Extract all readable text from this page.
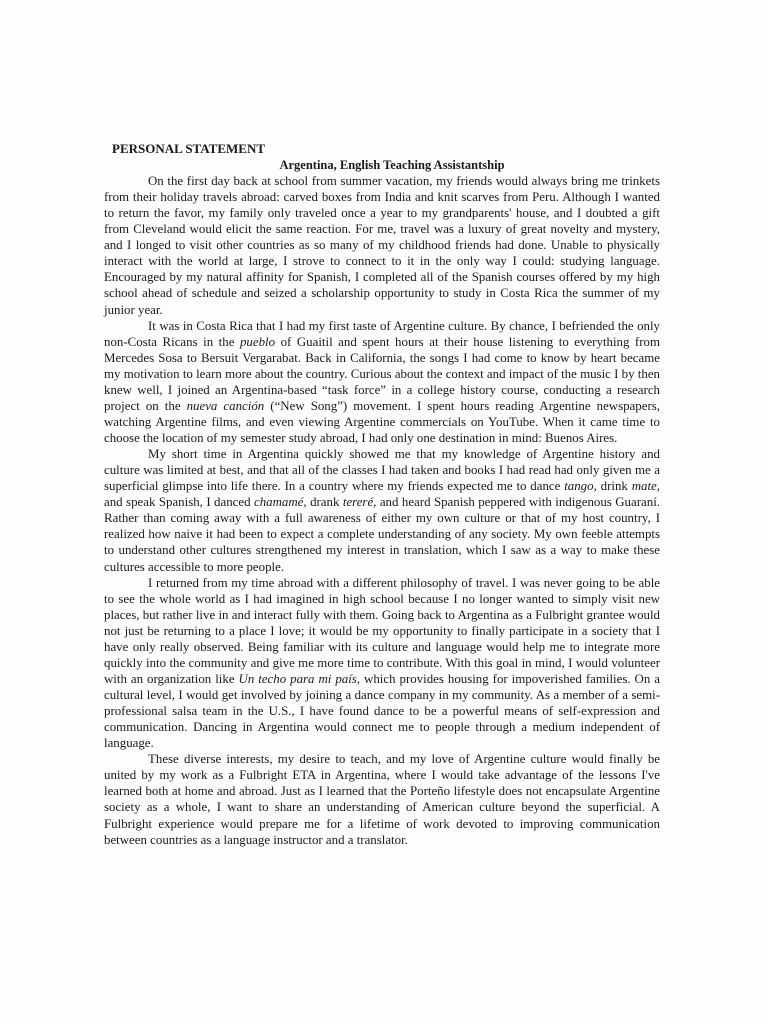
PERSONAL STATEMENT

Argentina, English Teaching Assistantship

On the first day back at school from summer vacation, my friends would always bring me trinkets from their holiday travels abroad: carved boxes from India and knit scarves from Peru. Although I wanted to return the favor, my family only traveled once a year to my grandparents' house, and I doubted a gift from Cleveland would elicit the same reaction. For me, travel was a luxury of great novelty and mystery, and I longed to visit other countries as so many of my childhood friends had done. Unable to physically interact with the world at large, I strove to connect to it in the only way I could: studying language. Encouraged by my natural affinity for Spanish, I completed all of the Spanish courses offered by my high school ahead of schedule and seized a scholarship opportunity to study in Costa Rica the summer of my junior year.

It was in Costa Rica that I had my first taste of Argentine culture. By chance, I befriended the only non-Costa Ricans in the pueblo of Guaitil and spent hours at their house listening to everything from Mercedes Sosa to Bersuit Vergarabat. Back in California, the songs I had come to know by heart became my motivation to learn more about the country. Curious about the context and impact of the music I by then knew well, I joined an Argentina-based “task force” in a college history course, conducting a research project on the nueva canción (“New Song”) movement. I spent hours reading Argentine newspapers, watching Argentine films, and even viewing Argentine commercials on YouTube. When it came time to choose the location of my semester study abroad, I had only one destination in mind: Buenos Aires.

My short time in Argentina quickly showed me that my knowledge of Argentine history and culture was limited at best, and that all of the classes I had taken and books I had read had only given me a superficial glimpse into life there. In a country where my friends expected me to dance tango, drink mate, and speak Spanish, I danced chamamé, drank tereré, and heard Spanish peppered with indigenous Guaraní. Rather than coming away with a full awareness of either my own culture or that of my host country, I realized how naive it had been to expect a complete understanding of any society. My own feeble attempts to understand other cultures strengthened my interest in translation, which I saw as a way to make these cultures accessible to more people.

I returned from my time abroad with a different philosophy of travel. I was never going to be able to see the whole world as I had imagined in high school because I no longer wanted to simply visit new places, but rather live in and interact fully with them. Going back to Argentina as a Fulbright grantee would not just be returning to a place I love; it would be my opportunity to finally participate in a society that I have only really observed. Being familiar with its culture and language would help me to integrate more quickly into the community and give me more time to contribute. With this goal in mind, I would volunteer with an organization like Un techo para mi país, which provides housing for impoverished families. On a cultural level, I would get involved by joining a dance company in my community. As a member of a semi-professional salsa team in the U.S., I have found dance to be a powerful means of self-expression and communication. Dancing in Argentina would connect me to people through a medium independent of language.

These diverse interests, my desire to teach, and my love of Argentine culture would finally be united by my work as a Fulbright ETA in Argentina, where I would take advantage of the lessons I've learned both at home and abroad. Just as I learned that the Porteño lifestyle does not encapsulate Argentine society as a whole, I want to share an understanding of American culture beyond the superficial. A Fulbright experience would prepare me for a lifetime of work devoted to improving communication between countries as a language instructor and a translator.
